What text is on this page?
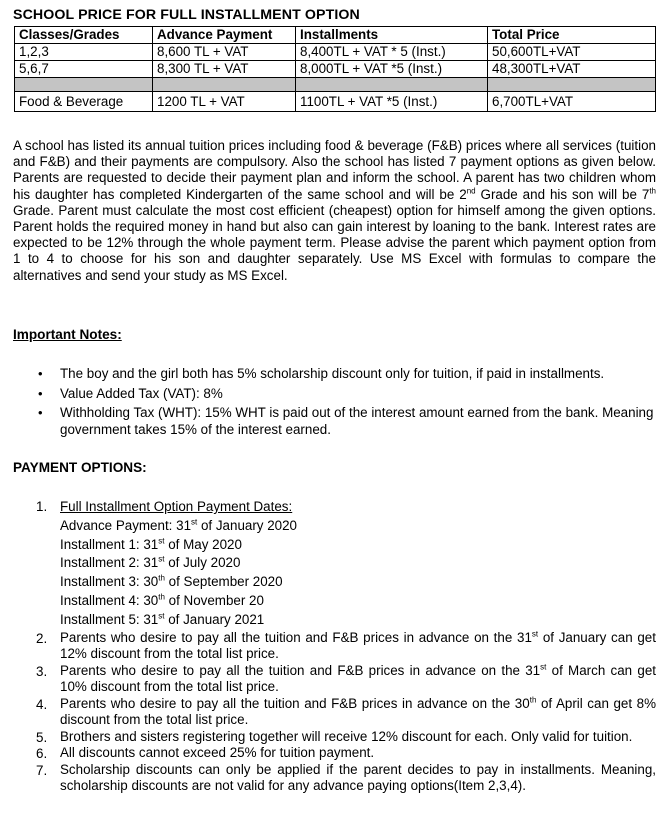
SCHOOL PRICE FOR FULL INSTALLMENT OPTION
Classes/Grades	Advance Payment	Installments	Total Price
1,2,3	8,600 TL + VAT	8,400TL + VAT * 5 (Inst.)	50,600TL+VAT
5,6,7	8,300 TL + VAT	8,000TL + VAT *5 (Inst.)	48,300TL+VAT

Food & Beverage	1200 TL + VAT	1100TL + VAT *5 (Inst.)	6,700TL+VAT
A school has listed its annual tuition prices including food & beverage (F&B) prices where all services (tuition and F&B) and their payments are compulsory. Also the school has listed 7 payment options as given below. Parents are requested to decide their payment plan and inform the school. A parent has two children whom his daughter has completed Kindergarten of the same school and will be 2nd Grade and his son will be 7th Grade. Parent must calculate the most cost efficient (cheapest) option for himself among the given options. Parent holds the required money in hand but also can gain interest by loaning to the bank. Interest rates are expected to be 12% through the whole payment term. Please advise the parent which payment option from 1 to 4 to choose for his son and daughter separately. Use MS Excel with formulas to compare the alternatives and send your study as MS Excel.
Important Notes:
• The boy and the girl both has 5% scholarship discount only for tuition, if paid in installments.
• Value Added Tax (VAT): 8%
• Withholding Tax (WHT): 15% WHT is paid out of the interest amount earned from the bank. Meaning government takes 15% of the interest earned.
PAYMENT OPTIONS:
1. Full Installment Option Payment Dates:
Advance Payment: 31st of January 2020
Installment 1: 31st of May 2020
Installment 2: 31st of July 2020
Installment 3: 30th of September 2020
Installment 4: 30th of November 20
Installment 5: 31st of January 2021
2. Parents who desire to pay all the tuition and F&B prices in advance on the 31st of January can get 12% discount from the total list price.
3. Parents who desire to pay all the tuition and F&B prices in advance on the 31st of March can get 10% discount from the total list price.
4. Parents who desire to pay all the tuition and F&B prices in advance on the 30th of April can get 8% discount from the total list price.
5. Brothers and sisters registering together will receive 12% discount for each. Only valid for tuition.
6. All discounts cannot exceed 25% for tuition payment.
7. Scholarship discounts can only be applied if the parent decides to pay in installments. Meaning, scholarship discounts are not valid for any advance paying options(Item 2,3,4).
